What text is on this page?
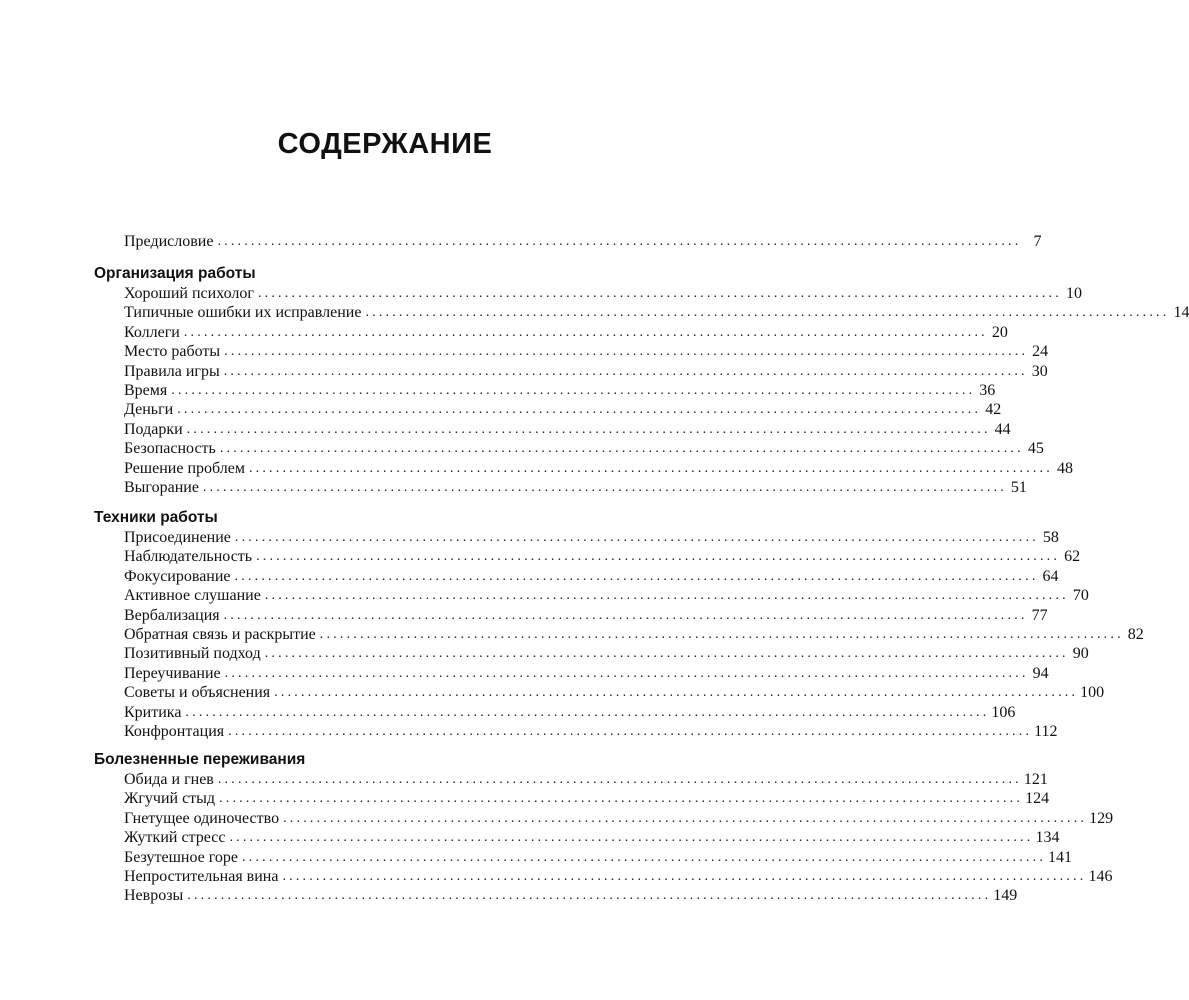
СОДЕРЖАНИЕ
Предисловие ........................................................................................................................ 7
Организация работы
Хороший психолог ........................................................................................................................ 10
Типичные ошибки их исправление ........................................................................................................................ 14
Коллеги ........................................................................................................................ 20
Место работы ........................................................................................................................ 24
Правила игры ........................................................................................................................ 30
Время ........................................................................................................................ 36
Деньги ........................................................................................................................ 42
Подарки ........................................................................................................................ 44
Безопасность ........................................................................................................................ 45
Решение проблем ........................................................................................................................ 48
Выгорание ........................................................................................................................ 51
Техники работы
Присоединение ........................................................................................................................ 58
Наблюдательность ........................................................................................................................ 62
Фокусирование ........................................................................................................................ 64
Активное слушание ........................................................................................................................ 70
Вербализация ........................................................................................................................ 77
Обратная связь и раскрытие ........................................................................................................................ 82
Позитивный подход ........................................................................................................................ 90
Переучивание ........................................................................................................................ 94
Советы и объяснения ........................................................................................................................ 100
Критика ........................................................................................................................ 106
Конфронтация ........................................................................................................................ 112
Болезненные переживания
Обида и гнев ........................................................................................................................ 121
Жгучий стыд ........................................................................................................................ 124
Гнетущее одиночество ........................................................................................................................ 129
Жуткий стресс ........................................................................................................................ 134
Безутешное горе ........................................................................................................................ 141
Непростительная вина ........................................................................................................................ 146
Неврозы ........................................................................................................................ 149
